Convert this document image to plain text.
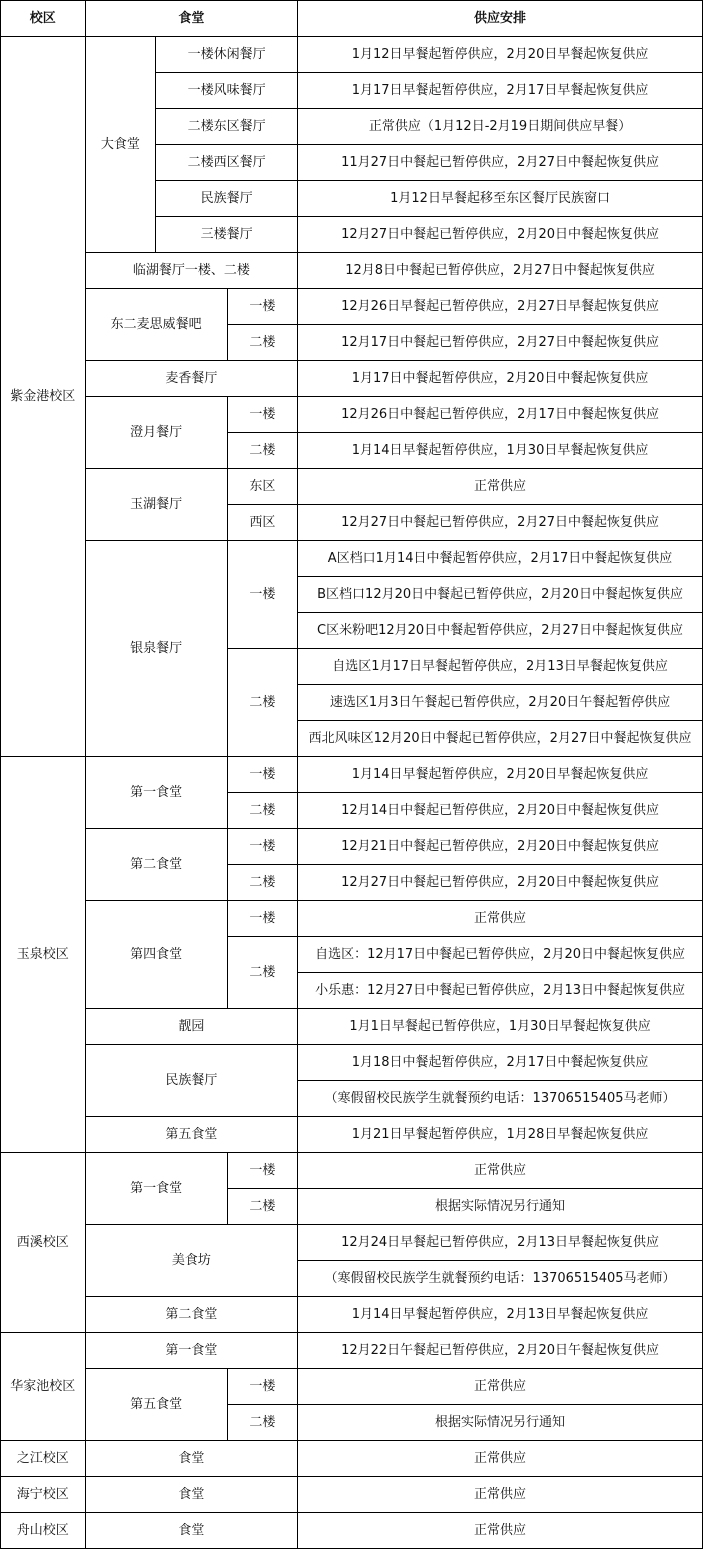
校区	食堂			供应安排
紫金港校区	大食堂	一楼休闲餐厅		1月12日早餐起暂停供应，2月20日早餐起恢复供应
		一楼风味餐厅		1月17日早餐起暂停供应，2月17日早餐起恢复供应
		二楼东区餐厅		正常供应（1月12日-2月19日期间供应早餐）
		二楼西区餐厅		11月27日中餐起已暂停供应，2月27日中餐起恢复供应
		民族餐厅		1月12日早餐起移至东区餐厅民族窗口
		三楼餐厅		12月27日中餐起已暂停供应，2月20日中餐起恢复供应
	临湖餐厅一楼、二楼			12月8日中餐起已暂停供应，2月27日中餐起恢复供应
	东二麦思威餐吧		一楼	12月26日早餐起已暂停供应，2月27日早餐起恢复供应
			二楼	12月17日中餐起已暂停供应，2月27日中餐起恢复供应
	麦香餐厅			1月17日中餐起暂停供应，2月20日中餐起恢复供应
	澄月餐厅		一楼	12月26日中餐起已暂停供应，2月17日中餐起恢复供应
			二楼	1月14日早餐起暂停供应，1月30日早餐起恢复供应
	玉湖餐厅		东区	正常供应
			西区	12月27日中餐起已暂停供应，2月27日中餐起恢复供应
	银泉餐厅		一楼	A区档口1月14日中餐起暂停供应，2月17日中餐起恢复供应
				B区档口12月20日中餐起已暂停供应，2月20日中餐起恢复供应
				C区米粉吧12月20日中餐起暂停供应，2月27日中餐起恢复供应
			二楼	自选区1月17日早餐起暂停供应，2月13日早餐起恢复供应
				速选区1月3日午餐起已暂停供应，2月20日午餐起暂停供应
				西北风味区12月20日中餐起已暂停供应，2月27日中餐起恢复供应
玉泉校区	第一食堂		一楼	1月14日早餐起暂停供应，2月20日早餐起恢复供应
			二楼	12月14日中餐起已暂停供应，2月20日中餐起恢复供应
	第二食堂		一楼	12月21日中餐起已暂停供应，2月20日中餐起恢复供应
			二楼	12月27日中餐起已暂停供应，2月20日中餐起恢复供应
	第四食堂		一楼	正常供应
			二楼	自选区：12月17日中餐起已暂停供应，2月20日中餐起恢复供应
				小乐惠：12月27日中餐起已暂停供应，2月13日中餐起恢复供应
	靓园			1月1日早餐起已暂停供应，1月30日早餐起恢复供应
	民族餐厅			1月18日中餐起暂停供应，2月17日中餐起恢复供应
				（寒假留校民族学生就餐预约电话：13706515405马老师）
	第五食堂			1月21日早餐起暂停供应，1月28日早餐起恢复供应
西溪校区	第一食堂		一楼	正常供应
			二楼	根据实际情况另行通知
	美食坊			12月24日早餐起已暂停供应，2月13日早餐起恢复供应
				（寒假留校民族学生就餐预约电话：13706515405马老师）
	第二食堂			1月14日早餐起暂停供应，2月13日早餐起恢复供应
华家池校区	第一食堂			12月22日午餐起已暂停供应，2月20日午餐起恢复供应
	第五食堂		一楼	正常供应
			二楼	根据实际情况另行通知
之江校区	食堂			正常供应
海宁校区	食堂			正常供应
舟山校区	食堂			正常供应
